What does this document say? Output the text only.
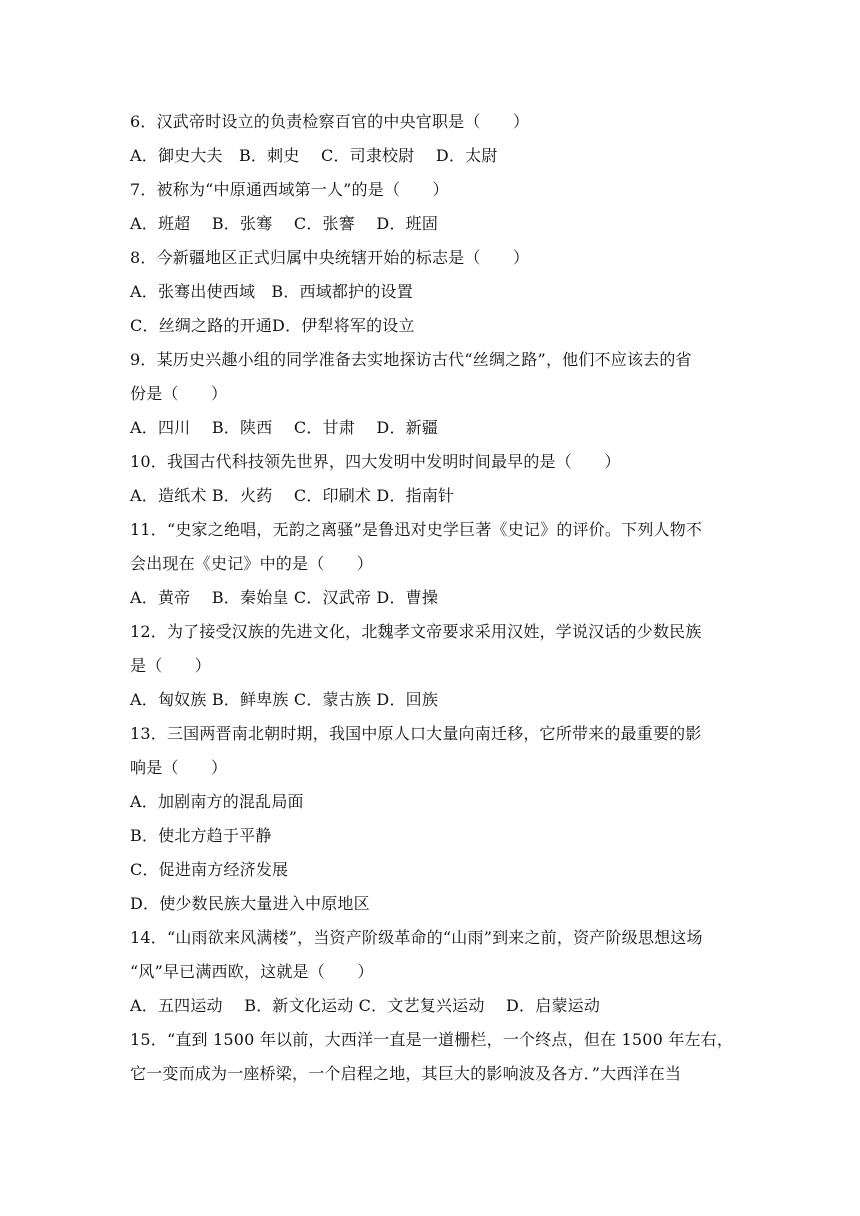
6．汉武帝时设立的负责检察百官的中央官职是（　　）
A．御史大夫　B．刺史　 C．司隶校尉　 D．太尉
7．被称为“中原通西域第一人”的是（　　）
A．班超　 B．张骞　 C．张謇　 D．班固
8．今新疆地区正式归属中央统辖开始的标志是（　　）
A．张骞出使西域　B．西域都护的设置
C．丝绸之路的开通D．伊犁将军的设立
9．某历史兴趣小组的同学准备去实地探访古代“丝绸之路”，他们不应该去的省
份是（　　）
A．四川　 B．陕西　 C．甘肃　 D．新疆
10．我国古代科技领先世界，四大发明中发明时间最早的是（　　）
A．造纸术 B．火药　 C．印刷术 D．指南针
11．“史家之绝唱，无韵之离骚”是鲁迅对史学巨著《史记》的评价。下列人物不
会出现在《史记》中的是（　　）
A．黄帝　 B．秦始皇 C．汉武帝 D．曹操
12．为了接受汉族的先进文化，北魏孝文帝要求采用汉姓，学说汉话的少数民族
是（　　）
A．匈奴族 B．鲜卑族 C．蒙古族 D．回族
13．三国两晋南北朝时期，我国中原人口大量向南迁移，它所带来的最重要的影
响是（　　）
A．加剧南方的混乱局面
B．使北方趋于平静
C．促进南方经济发展
D．使少数民族大量进入中原地区
14．“山雨欲来风满楼”，当资产阶级革命的“山雨”到来之前，资产阶级思想这场
“风”早已满西欧，这就是（　　）
A．五四运动　 B．新文化运动 C．文艺复兴运动　 D．启蒙运动
15．“直到 1500 年以前，大西洋一直是一道栅栏，一个终点，但在 1500 年左右，
它一变而成为一座桥梁，一个启程之地，其巨大的影响波及各方．”大西洋在当
